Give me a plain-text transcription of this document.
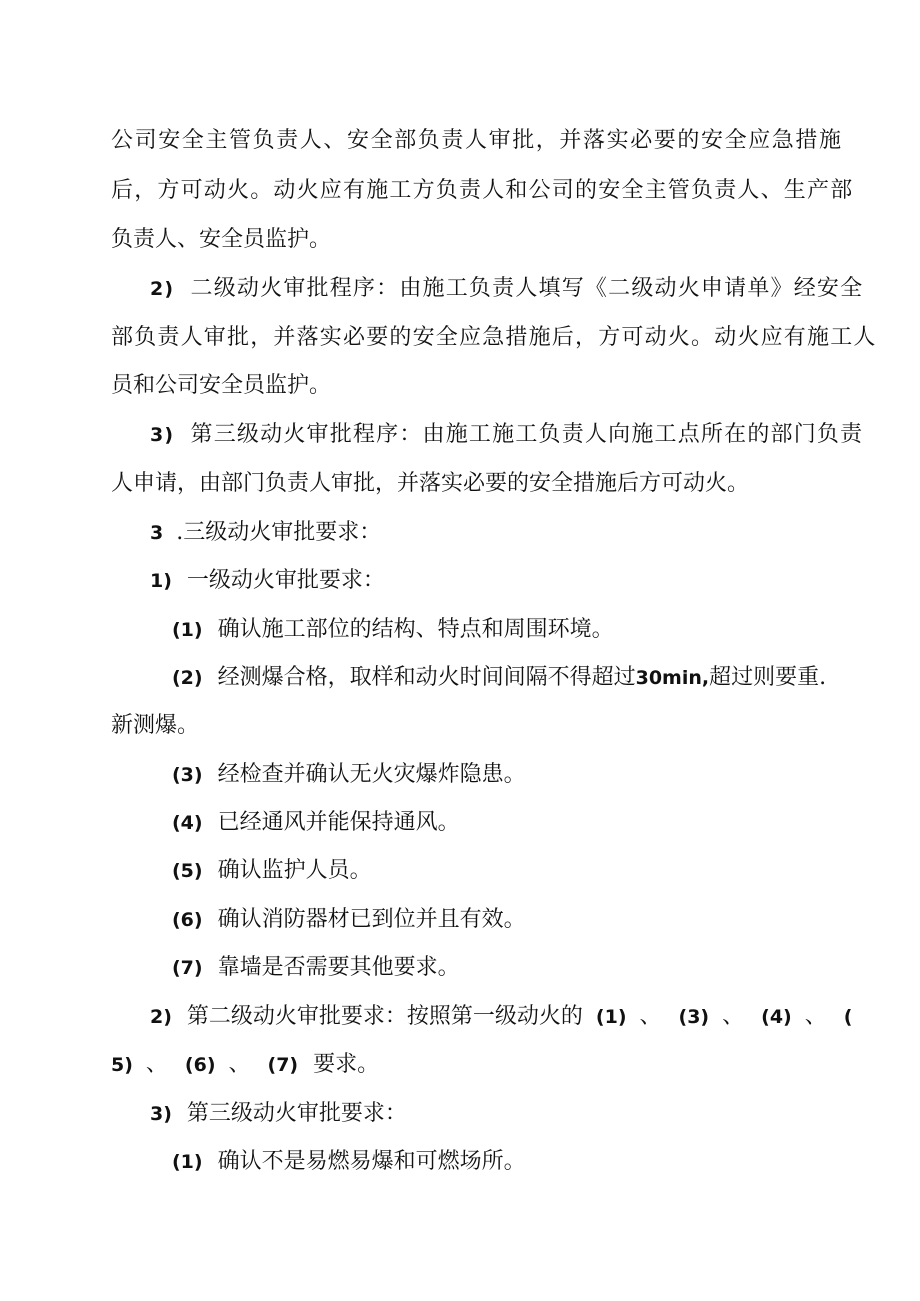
公司安全主管负责人、安全部负责人审批，并落实必要的安全应急措施
后，方可动火。动火应有施工方负责人和公司的安全主管负责人、生产部
负责人、安全员监护。
2) 二级动火审批程序：由施工负责人填写《二级动火申请单》经安全
部负责人审批，并落实必要的安全应急措施后，方可动火。动火应有施工人
员和公司安全员监护。
3) 第三级动火审批程序：由施工施工负责人向施工点所在的部门负责
人申请，由部门负责人审批，并落实必要的安全措施后方可动火。
3 .三级动火审批要求：
1) 一级动火审批要求：
(1) 确认施工部位的结构、特点和周围环境。
(2) 经测爆合格，取样和动火时间间隔不得超过30min,超过则要重.
新测爆。
(3) 经检查并确认无火灾爆炸隐患。
(4) 已经通风并能保持通风。
(5) 确认监护人员。
(6) 确认消防器材已到位并且有效。
(7) 靠墙是否需要其他要求。
2) 第二级动火审批要求：按照第一级动火的 (1) 、 (3) 、 (4) 、 (
5) 、 (6) 、 (7) 要求。
3) 第三级动火审批要求：
(1) 确认不是易燃易爆和可燃场所。
